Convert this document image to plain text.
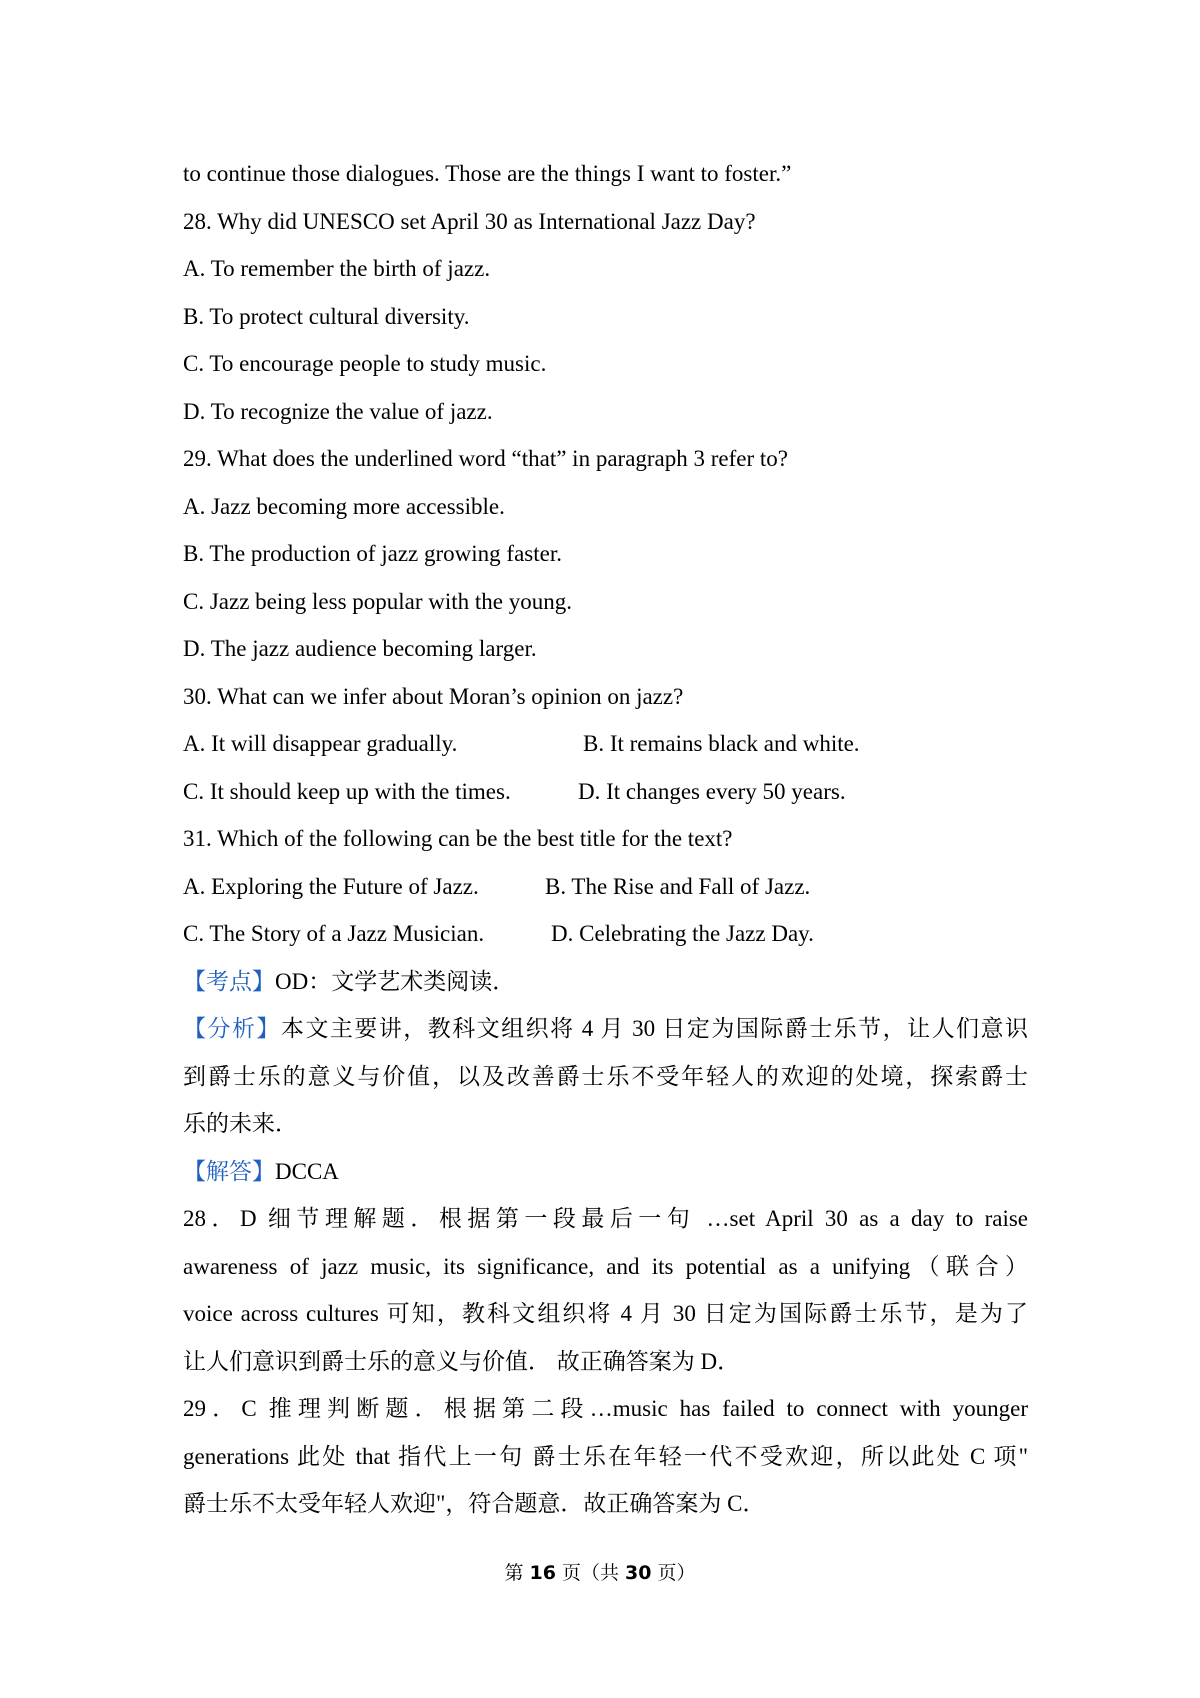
to continue those dialogues. Those are the things I want to foster.”
28. Why did UNESCO set April 30 as International Jazz Day?
A. To remember the birth of jazz.
B. To protect cultural diversity.
C. To encourage people to study music.
D. To recognize the value of jazz.
29. What does the underlined word “that” in paragraph 3 refer to?
A. Jazz becoming more accessible.
B. The production of jazz growing faster.
C. Jazz being less popular with the young.
D. The jazz audience becoming larger.
30. What can we infer about Moran’s opinion on jazz?
A. It will disappear gradually.	B. It remains black and white.
C. It should keep up with the times.	D. It changes every 50 years.
31. Which of the following can be the best title for the text?
A. Exploring the Future of Jazz.	B. The Rise and Fall of Jazz.
C. The Story of a Jazz Musician.	D. Celebrating the Jazz Day.
【考点】OD：文学艺术类阅读．
【分析】本文主要讲，教科文组织将 4 月 30 日定为国际爵士乐节，让人们意识
到爵士乐的意义与价值，以及改善爵士乐不受年轻人的欢迎的处境，探索爵士
乐的未来．
【解答】DCCA
28．D 细节理解题．根据第一段最后一句 …set April 30 as a day to raise
awareness of jazz music, its significance, and its potential as a unifying（联合）
voice across cultures 可知，教科文组织将 4 月 30 日定为国际爵士乐节，是为了
让人们意识到爵士乐的意义与价值． 故正确答案为 D．
29．C 推理判断题．根据第二段…music has failed to connect with younger
generations 此处 that 指代上一句 爵士乐在年轻一代不受欢迎，所以此处 C 项"
爵士乐不太受年轻人欢迎"，符合题意．故正确答案为 C．
第 16 页（共 30 页）
